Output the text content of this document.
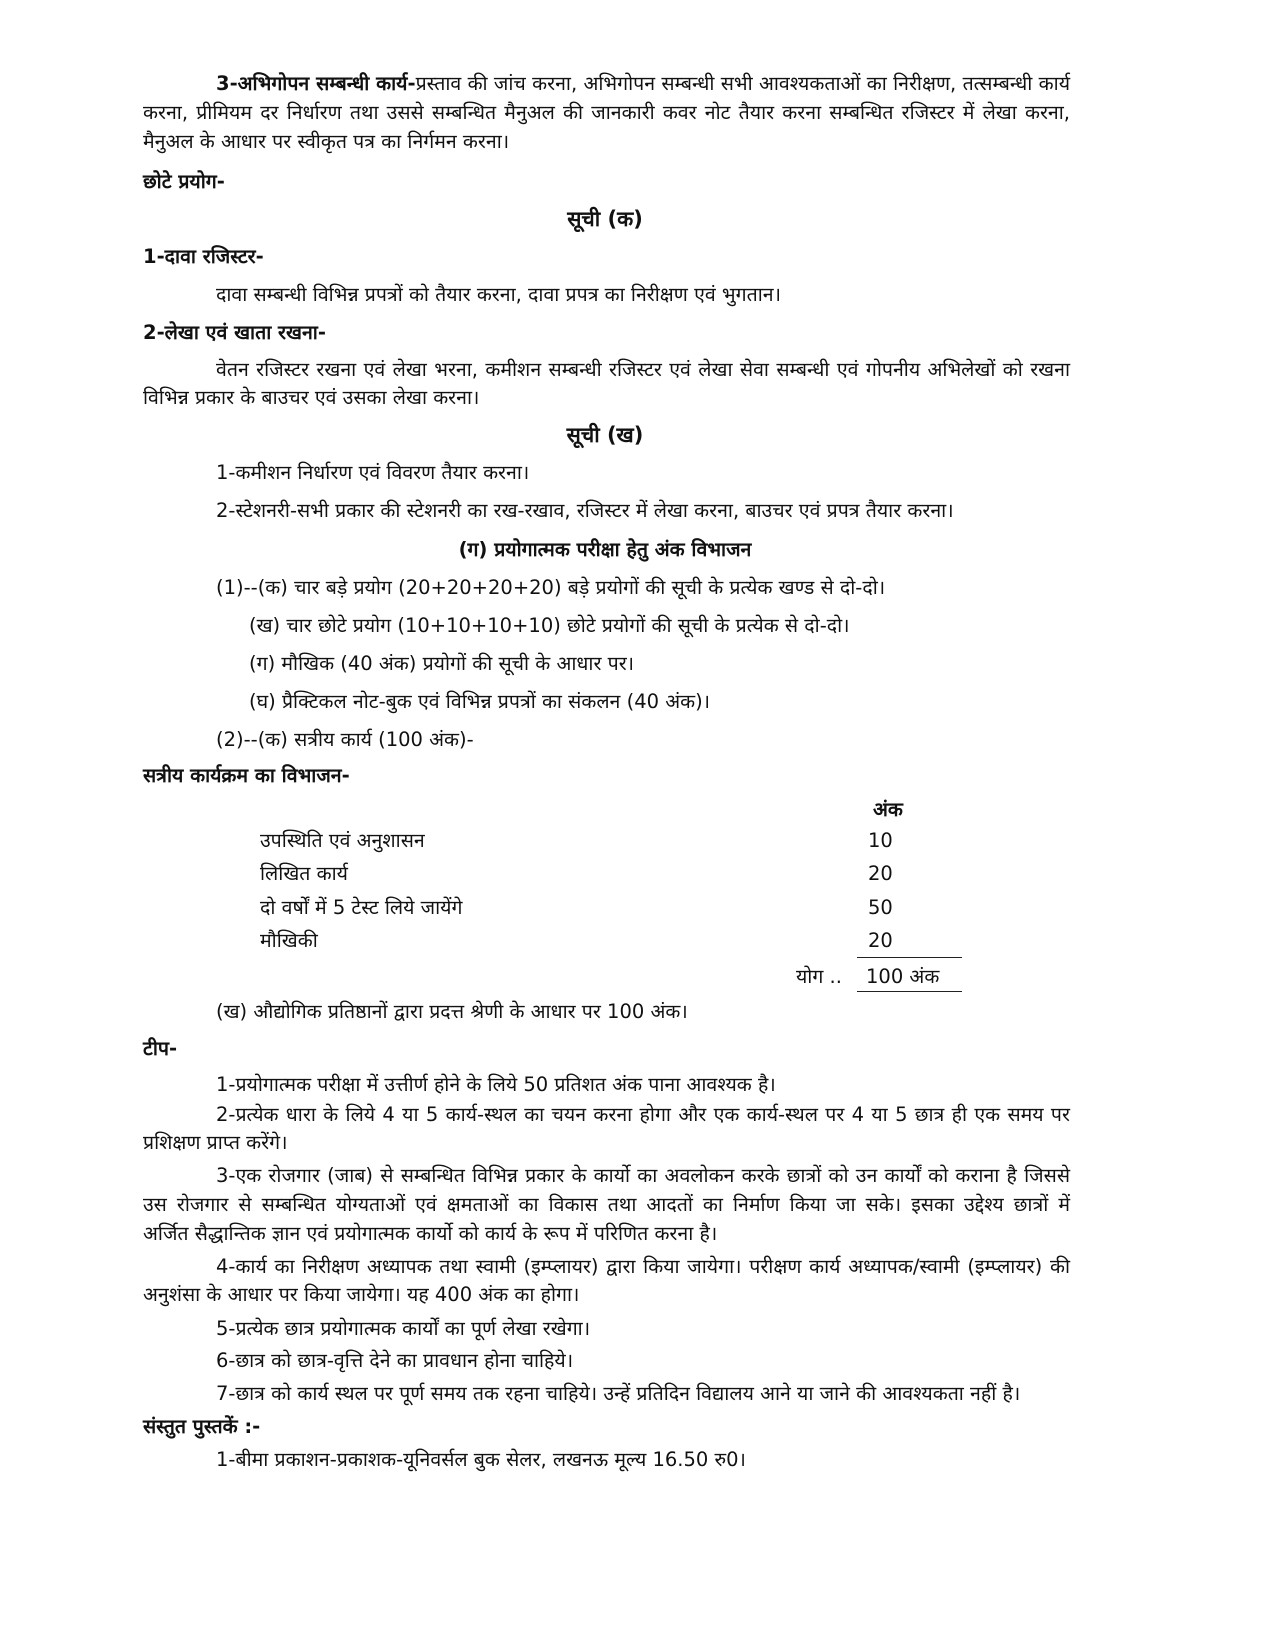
3-अभिगोपन सम्बन्धी कार्य-प्रस्ताव की जांच करना, अभिगोपन सम्बन्धी सभी आवश्यकताओं का निरीक्षण, तत्सम्बन्धी कार्य
करना, प्रीमियम दर निर्धारण तथा उससे सम्बन्धित मैनुअल की जानकारी कवर नोट तैयार करना सम्बन्धित रजिस्टर में लेखा करना,
मैनुअल के आधार पर स्वीकृत पत्र का निर्गमन करना।
छोटे प्रयोग-
सूची (क)
1-दावा रजिस्टर-
दावा सम्बन्धी विभिन्न प्रपत्रों को तैयार करना, दावा प्रपत्र का निरीक्षण एवं भुगतान।
2-लेखा एवं खाता रखना-
वेतन रजिस्टर रखना एवं लेखा भरना, कमीशन सम्बन्धी रजिस्टर एवं लेखा सेवा सम्बन्धी एवं गोपनीय अभिलेखों को रखना
विभिन्न प्रकार के बाउचर एवं उसका लेखा करना।
सूची (ख)
1-कमीशन निर्धारण एवं विवरण तैयार करना।
2-स्टेशनरी-सभी प्रकार की स्टेशनरी का रख-रखाव, रजिस्टर में लेखा करना, बाउचर एवं प्रपत्र तैयार करना।
(ग) प्रयोगात्मक परीक्षा हेतु अंक विभाजन
(1)--(क) चार बड़े प्रयोग (20+20+20+20) बड़े प्रयोगों की सूची के प्रत्येक खण्ड से दो-दो।
(ख) चार छोटे प्रयोग (10+10+10+10) छोटे प्रयोगों की सूची के प्रत्येक से दो-दो।
(ग) मौखिक (40 अंक) प्रयोगों की सूची के आधार पर।
(घ) प्रैक्टिकल नोट-बुक एवं विभिन्न प्रपत्रों का संकलन (40 अंक)।
(2)--(क) सत्रीय कार्य (100 अंक)-
सत्रीय कार्यक्रम का विभाजन-
अंक
उपस्थिति एवं अनुशासन	10
लिखित कार्य	20
दो वर्षों में 5 टेस्ट लिये जायेंगे	50
मौखिकी	20
योग .. 100 अंक
(ख) औद्योगिक प्रतिष्ठानों द्वारा प्रदत्त श्रेणी के आधार पर 100 अंक।
टीप-
1-प्रयोगात्मक परीक्षा में उत्तीर्ण होने के लिये 50 प्रतिशत अंक पाना आवश्यक है।
2-प्रत्येक धारा के लिये 4 या 5 कार्य-स्थल का चयन करना होगा और एक कार्य-स्थल पर 4 या 5 छात्र ही एक समय पर
प्रशिक्षण प्राप्त करेंगे।
3-एक रोजगार (जाब) से सम्बन्धित विभिन्न प्रकार के कार्यो का अवलोकन करके छात्रों को उन कार्यों को कराना है जिससे
उस रोजगार से सम्बन्धित योग्यताओं एवं क्षमताओं का विकास तथा आदतों का निर्माण किया जा सके। इसका उद्देश्य छात्रों में
अर्जित सैद्धान्तिक ज्ञान एवं प्रयोगात्मक कार्यो को कार्य के रूप में परिणित करना है।
4-कार्य का निरीक्षण अध्यापक तथा स्वामी (इम्प्लायर) द्वारा किया जायेगा। परीक्षण कार्य अध्यापक/स्वामी (इम्प्लायर) की
अनुशंसा के आधार पर किया जायेगा। यह 400 अंक का होगा।
5-प्रत्येक छात्र प्रयोगात्मक कार्यों का पूर्ण लेखा रखेगा।
6-छात्र को छात्र-वृत्ति देने का प्रावधान होना चाहिये।
7-छात्र को कार्य स्थल पर पूर्ण समय तक रहना चाहिये। उन्हें प्रतिदिन विद्यालय आने या जाने की आवश्यकता नहीं है।
संस्तुत पुस्तकें :-
1-बीमा प्रकाशन-प्रकाशक-यूनिवर्सल बुक सेलर, लखनऊ मूल्य 16.50 रु0।
